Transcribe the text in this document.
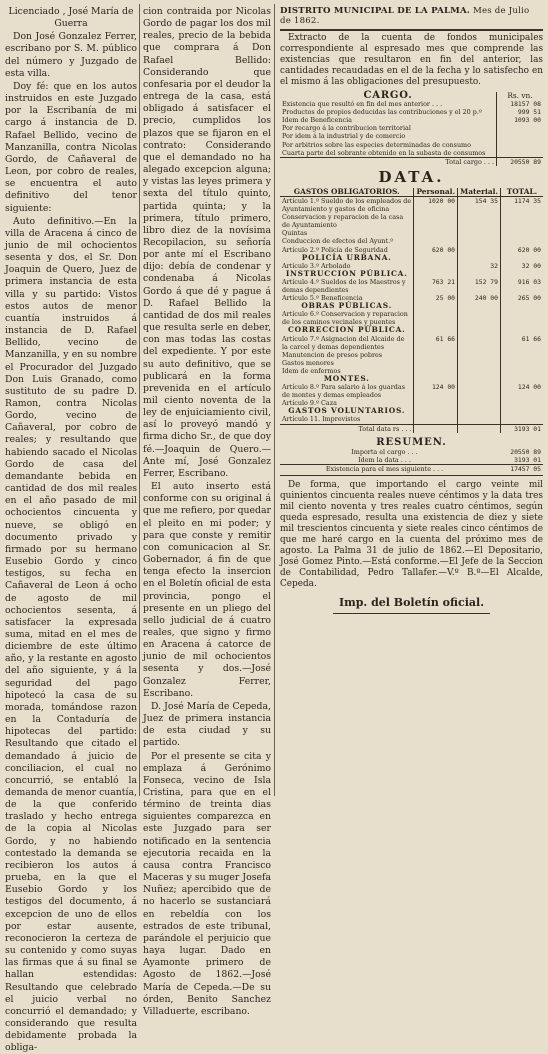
Licenciado , José María de Guerra

Don José Gonzalez Ferrer, escribano por S. M. público del número y Juzgado de esta villa.

Doy fé: que en los autos instruidos en este Juzgado por la Escribanía de mi cargo á instancia de D. Rafael Bellido, vecino de Manzanilla, contra Nicolas Gordo, de Cañaveral de Leon, por cobro de reales, se encuentra el auto definitivo del tenor siguiente:

Auto definitivo.—En la villa de Aracena á cinco de junio de mil ochocientos sesenta y dos, el Sr. Don Joaquin de Quero, Juez de primera instancia de esta villa y su partido: Vistos estos autos de menor cuantía instruidos á instancia de D. Rafael Bellido, vecino de Manzanilla, y en su nombre el Procurador del Juzgado Don Luis Granado, como sustituto de su padre D. Ramon, contra Nicolas Gordo, vecino de Cañaveral, por cobro de reales; y resultando que habiendo sacado el Nicolas Gordo de casa del demandante bebida en cantidad de dos mil reales en el año pasado de mil ochocientos cincuenta y nueve, se obligó en documento privado y firmado por su hermano Eusebio Gordo y cinco testigos, su fecha en Cañaveral de Leon á ocho de agosto de mil ochocientos sesenta, á satisfacer la expresada suma, mitad en el mes de diciembre de este último año, y la restante en agosto del año siguiente, y á la seguridad del pago hipotecó la casa de su morada, tomándose razon en la Contaduría de hipotecas del partido: Resultando que citado el demandado á juicio de conciliacion, el cual no concurrió, se entabló la demanda de menor cuantía, de la que conferido traslado y hecho entrega de la copia al Nicolas Gordo, y no habiendo contestado la demanda se recibieron los autos á prueba, en la que el Eusebio Gordo y los testigos del documento, á excepcion de uno de ellos por estar ausente, reconocieron la certeza de su contenido y como suyas las firmas que á su final se hallan estendidas: Resultando que celebrado el juicio verbal no concurrió el demandado; y considerando que resulta debidamente probada la obliga-

cion contraida por Nicolas Gordo de pagar los dos mil reales, precio de la bebida que comprara á Don Rafael Bellido: Considerando que confesaria por el deudor la entrega de la casa, está obligado á satisfacer el precio, cumplidos los plazos que se fijaron en el contrato: Considerando que el demandado no ha alegado excepcion alguna; y vistas las leyes primera y sexta del título quinto, partida quinta; y la primera, título primero, libro diez de la novísima Recopilacion, su señoría por ante mí el Escribano dijo: debía de condenar y condenaba á Nicolas Gordo á que dé y pague á D. Rafael Bellido la cantidad de dos mil reales que resulta serle en deber, con mas todas las costas del expediente. Y por este su auto definitivo, que se publicará en la forma prevenida en el artículo mil ciento noventa de la ley de enjuiciamiento civil, así lo proveyó mandó y firma dicho Sr., de que doy fé.—Joaquin de Quero.—Ante mí, José Gonzalez Ferrer, Escribano.

El auto inserto está conforme con su original á que me refiero, por quedar el pleito en mi poder; y para que conste y remitir con comunicacion al Sr. Gobernador, á fin de que tenga efecto la insercion en el Boletín oficial de esta provincia, pongo el presente en un pliego del sello judicial de á cuatro reales, que signo y firmo en Aracena á catorce de junio de mil ochocientos sesenta y dos.—José Gonzalez Ferrer, Escribano.

D. José María de Cepeda, Juez de primera instancia de esta ciudad y su partido.

Por el presente se cita y emplaza á Gerónimo Fonseca, vecino de Isla Cristina, para que en el término de treinta dias siguientes comparezca en este Juzgado para ser notificado en la sentencia ejecutoria recaida en la causa contra Francisco Maceras y su muger Josefa Nuñez; apercibido que de no hacerlo se sustanciará en rebeldía con los estrados de este tribunal, parándole el perjuicio que haya lugar. Dado en Ayamonte primero de Agosto de 1862.—José María de Cepeda.—De su órden, Benito Sanchez Villaduerte, escribano.

DISTRITO MUNICIPAL DE LA PALMA. Mes de Julio de 1862.

Extracto de la cuenta de fondos municipales correspondiente al espresado mes que comprende las existencias que resultaron en fin del anterior, las cantidades recaudadas en el de la fecha y lo satisfecho en el mismo á las obligaciones del presupuesto.

CARGO.	Rs. vn.
Existencia que resultó en fin del mes anterior . . .	18157 08
Productos de propios deducidas las contribuciones y el 20 p.º	999 51
Idem de Beneficencia	1093 00
Por recargo á la contribucion territorial	
Por idem á la industrial y de comercio	
Por arbitrios sobre las especies determinadas de consumo	
Cuarta parte del sobrante obtenido en la subasta de consumos	
Total cargo . . .	20550 89
DATA.
GASTOS OBLIGATORIOS.	Personal.	Material.	TOTAL.
Artículo 1.º Sueldo de los empleados de Ayuntamiento y gastos de oficina	1020 00	154 35	1174 35
Conservacion y reparacion de la casa de Ayuntamiento			
Quintas			
Conduccion de efectos del Ayunt.º			
Artículo 2.º Policía de Seguridad	620 00		620 00
POLICÍA URBANA.			
Artículo 3.º Arbolado		32	32 00
INSTRUCCION PÚBLICA.			
Artículo 4.º Sueldos de los Maestros y demas dependientes	763 21	152 79	916 03
Artículo 5.º Beneficencia	25 00	240 00	265 00
OBRAS PÚBLICAS.			
Artículo 6.º Conservacion y reparacion de los caminos vecinales y puentes			
CORRECCION PÚBLICA.			
Artículo 7.º Asignacion del Alcaide de la carcel y demas dependientes	61 66		61 66
Manutencion de presos pobres			
Gastos menores			
Idem de enfermos			
MONTES.			
Artículo 8.º Para salario á los guardas de montes y demas empleados	124 00		124 00
Artículo 9.º Caza			
GASTOS VOLUNTARIOS.			
Artículo 11. Imprevistos			
Total data rs . . .			3193 01
RESUMEN.
Importa el cargo . . .	20550 89
Idem la data . . .	3193 01
Existencia para el mes siguiente . . .	17457 05

De forma, que importando el cargo veinte mil quinientos cincuenta reales nueve céntimos y la data tres mil ciento noventa y tres reales cuatro céntimos, según queda espresado, resulta una existencia de diez y siete mil trescientos cincuenta y siete reales cinco céntimos de que me haré cargo en la cuenta del próximo mes de agosto. La Palma 31 de julio de 1862.—El Depositario, José Gomez Pinto.—Está conforme.—El Jefe de la Seccion de Contabilidad, Pedro Tallafer.—V.º B.º—El Alcalde, Cepeda.

Imp. del Boletín oficial.
